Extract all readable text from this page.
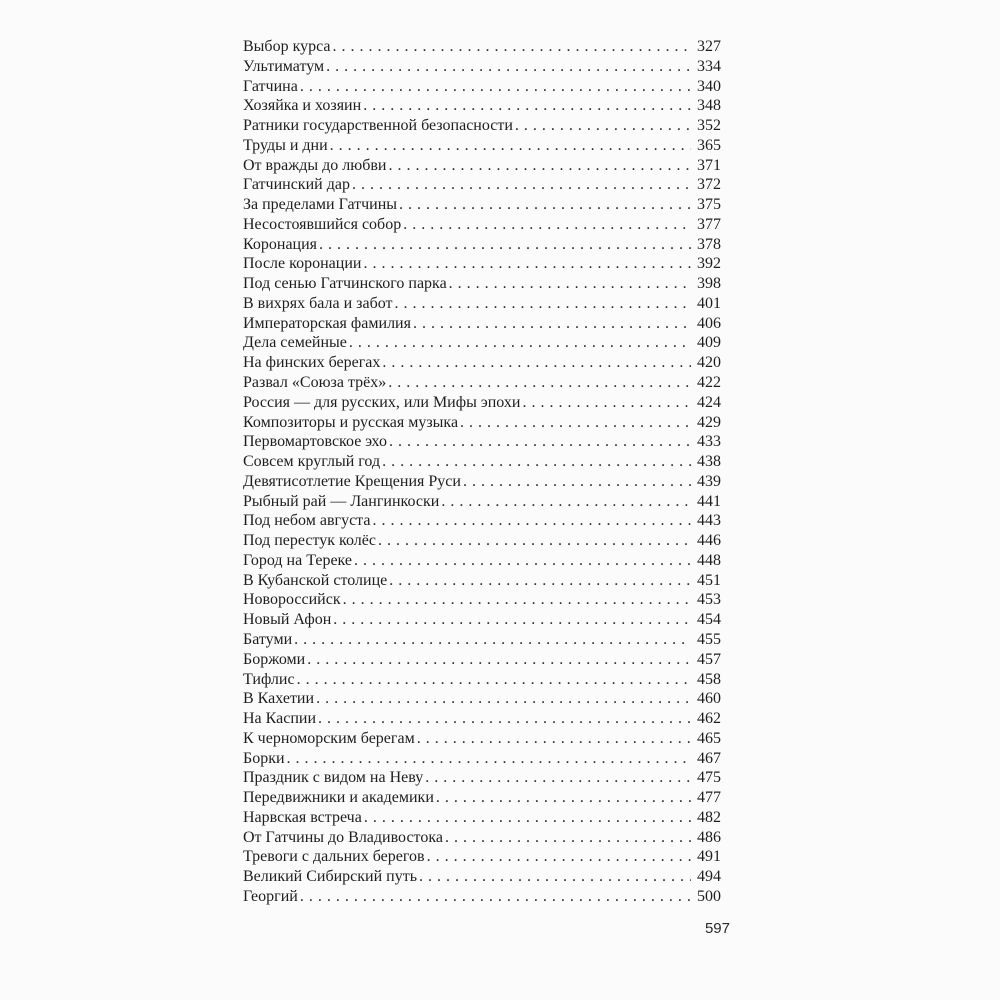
Выбор курса . . .	327
Ультиматум . . .	334
Гатчина . . .	340
Хозяйка и хозяин . . .	348
Ратники государственной безопасности . . .	352
Труды и дни . . .	365
От вражды до любви . . .	371
Гатчинский дар . . .	372
За пределами Гатчины . . .	375
Несостоявшийся собор . . .	377
Коронация . . .	378
После коронации . . .	392
Под сенью Гатчинского парка . . .	398
В вихрях бала и забот . . .	401
Императорская фамилия . . .	406
Дела семейные . . .	409
На финских берегах . . .	420
Развал «Союза трёх» . . .	422
Россия — для русских, или Мифы эпохи . . .	424
Композиторы и русская музыка . . .	429
Первомартовское эхо . . .	433
Совсем круглый год . . .	438
Девятисотлетие Крещения Руси . . .	439
Рыбный рай — Лангинкоски . . .	441
Под небом августа . . .	443
Под перестук колёс . . .	446
Город на Тереке . . .	448
В Кубанской столице . . .	451
Новороссийск . . .	453
Новый Афон . . .	454
Батуми . . .	455
Боржоми . . .	457
Тифлис . . .	458
В Кахетии . . .	460
На Каспии . . .	462
К черноморским берегам . . .	465
Борки . . .	467
Праздник с видом на Неву . . .	475
Передвижники и академики . . .	477
Нарвская встреча . . .	482
От Гатчины до Владивостока . . .	486
Тревоги с дальних берегов . . .	491
Великий Сибирский путь . . .	494
Георгий . . .	500
597
